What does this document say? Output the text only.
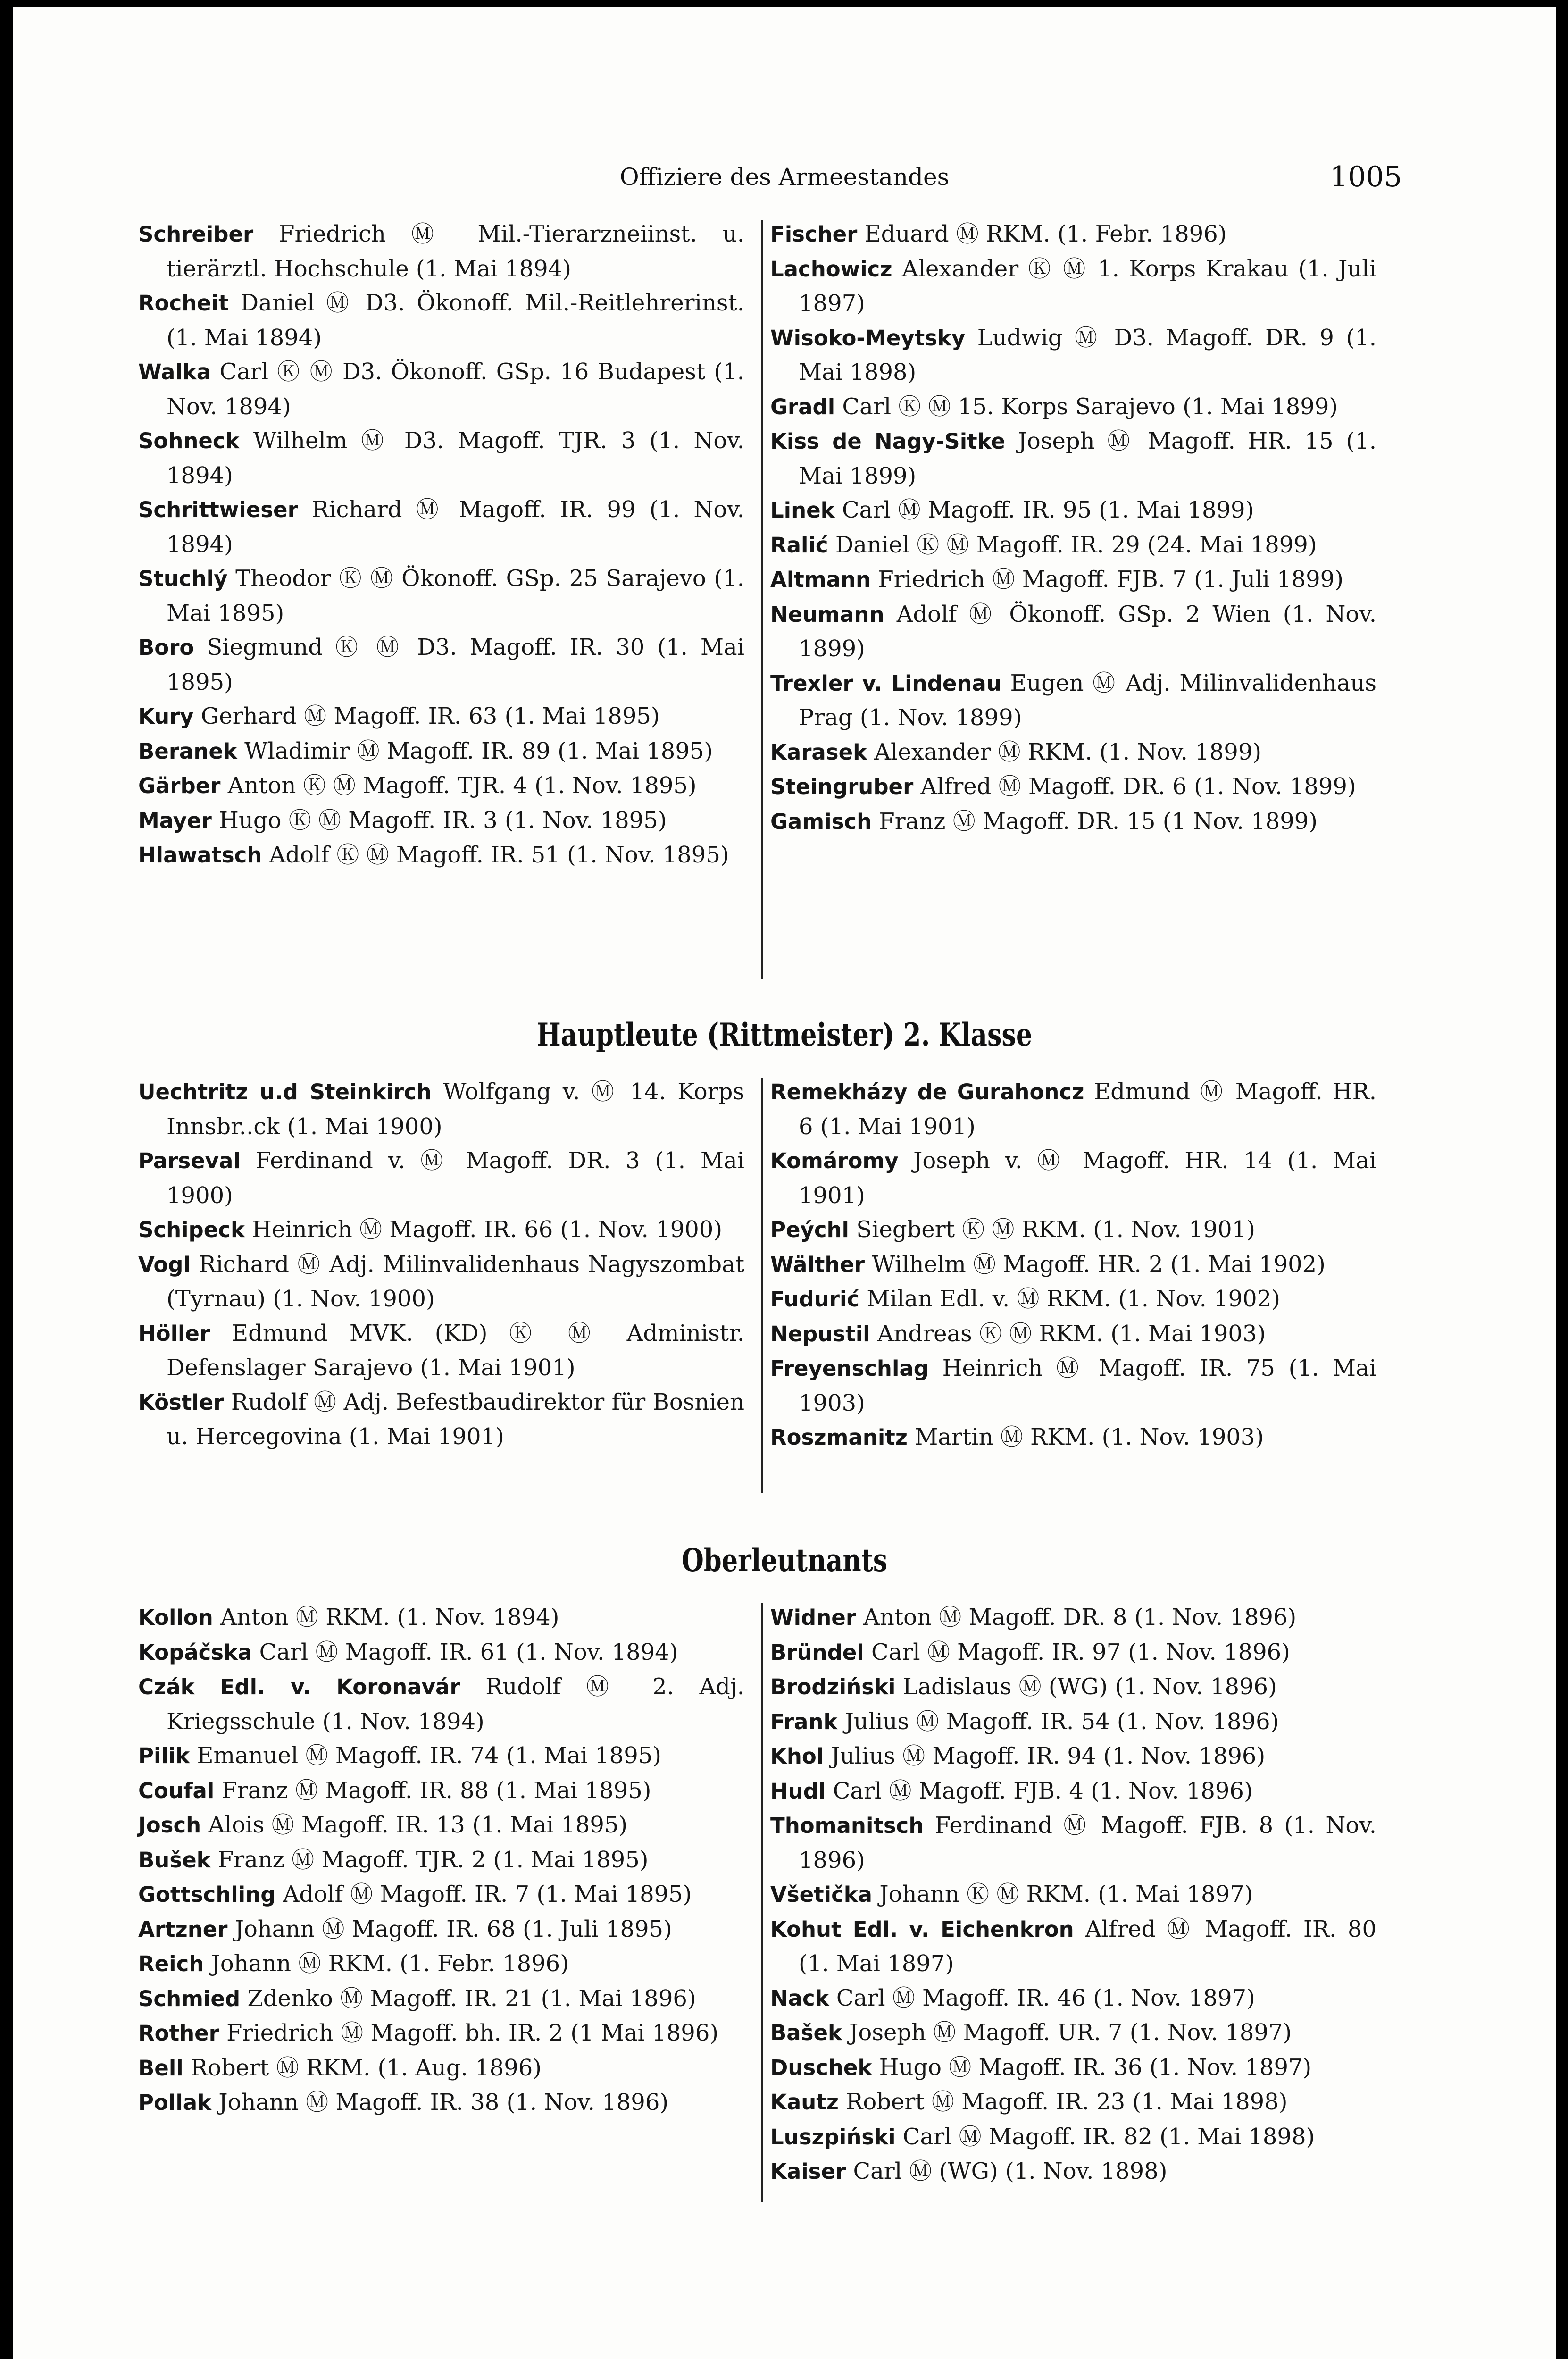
Offiziere des Armeestandes	1005
Schreiber Friedrich Ⓜ Mil.-Tierarzneiinst. u. tierärztl. Hochschule (1. Mai 1894)
Rocheit Daniel Ⓜ D3. Ökonoff. Mil.-Reitlehrerinst. (1. Mai 1894)
Walka Carl Ⓚ Ⓜ D3. Ökonoff. GSp. 16 Budapest (1. Nov. 1894)
Sohneck Wilhelm Ⓜ D3. Magoff. TJR. 3 (1. Nov. 1894)
Schrittwieser Richard Ⓜ Magoff. IR. 99 (1. Nov. 1894)
Stuchlý Theodor Ⓚ Ⓜ Ökonoff. GSp. 25 Sarajevo (1. Mai 1895)
Boro Siegmund Ⓚ Ⓜ D3. Magoff. IR. 30 (1. Mai 1895)
Kury Gerhard Ⓜ Magoff. IR. 63 (1. Mai 1895)
Beranek Wladimir Ⓜ Magoff. IR. 89 (1. Mai 1895)
Gärber Anton Ⓚ Ⓜ Magoff. TJR. 4 (1. Nov. 1895)
Mayer Hugo Ⓚ Ⓜ Magoff. IR. 3 (1. Nov. 1895)
Hlawatsch Adolf Ⓚ Ⓜ Magoff. IR. 51 (1. Nov. 1895)
Fischer Eduard Ⓜ RKM. (1. Febr. 1896)
Lachowicz Alexander Ⓚ Ⓜ 1. Korps Krakau (1. Juli 1897)
Wisoko-Meytsky Ludwig Ⓜ D3. Magoff. DR. 9 (1. Mai 1898)
Gradl Carl Ⓚ Ⓜ 15. Korps Sarajevo (1. Mai 1899)
Kiss de Nagy-Sitke Joseph Ⓜ Magoff. HR. 15 (1. Mai 1899)
Linek Carl Ⓜ Magoff. IR. 95 (1. Mai 1899)
Ralić Daniel Ⓚ Ⓜ Magoff. IR. 29 (24. Mai 1899)
Altmann Friedrich Ⓜ Magoff. FJB. 7 (1. Juli 1899)
Neumann Adolf Ⓜ Ökonoff. GSp. 2 Wien (1. Nov. 1899)
Trexler v. Lindenau Eugen Ⓜ Adj. Milinvalidenhaus Prag (1. Nov. 1899)
Karasek Alexander Ⓜ RKM. (1. Nov. 1899)
Steingruber Alfred Ⓜ Magoff. DR. 6 (1. Nov. 1899)
Gamisch Franz Ⓜ Magoff. DR. 15 (1 Nov. 1899)
Hauptleute (Rittmeister) 2. Klasse
Uechtritz u.d Steinkirch Wolfgang v. Ⓜ 14. Korps Innsbr..ck (1. Mai 1900)
Parseval Ferdinand v. Ⓜ Magoff. DR. 3 (1. Mai 1900)
Schipeck Heinrich Ⓜ Magoff. IR. 66 (1. Nov. 1900)
Vogl Richard Ⓜ Adj. Milinvalidenhaus Nagyszombat (Tyrnau) (1. Nov. 1900)
Höller Edmund MVK. (KD) Ⓚ Ⓜ Administr. Defenslager Sarajevo (1. Mai 1901)
Köstler Rudolf Ⓜ Adj. Befestbaudirektor für Bosnien u. Hercegovina (1. Mai 1901)
Remekházy de Gurahoncz Edmund Ⓜ Magoff. HR. 6 (1. Mai 1901)
Komáromy Joseph v. Ⓜ Magoff. HR. 14 (1. Mai 1901)
Peýchl Siegbert Ⓚ Ⓜ RKM. (1. Nov. 1901)
Wälther Wilhelm Ⓜ Magoff. HR. 2 (1. Mai 1902)
Fudurić Milan Edl. v. Ⓜ RKM. (1. Nov. 1902)
Nepustil Andreas Ⓚ Ⓜ RKM. (1. Mai 1903)
Freyenschlag Heinrich Ⓜ Magoff. IR. 75 (1. Mai 1903)
Roszmanitz Martin Ⓜ RKM. (1. Nov. 1903)
Oberleutnants
Kollon Anton Ⓜ RKM. (1. Nov. 1894)
Kopáčska Carl Ⓜ Magoff. IR. 61 (1. Nov. 1894)
Czák Edl. v. Koronavár Rudolf Ⓜ 2. Adj. Kriegsschule (1. Nov. 1894)
Pilik Emanuel Ⓜ Magoff. IR. 74 (1. Mai 1895)
Coufal Franz Ⓜ Magoff. IR. 88 (1. Mai 1895)
Josch Alois Ⓜ Magoff. IR. 13 (1. Mai 1895)
Bušek Franz Ⓜ Magoff. TJR. 2 (1. Mai 1895)
Gottschling Adolf Ⓜ Magoff. IR. 7 (1. Mai 1895)
Artzner Johann Ⓜ Magoff. IR. 68 (1. Juli 1895)
Reich Johann Ⓜ RKM. (1. Febr. 1896)
Schmied Zdenko Ⓜ Magoff. IR. 21 (1. Mai 1896)
Rother Friedrich Ⓜ Magoff. bh. IR. 2 (1 Mai 1896)
Bell Robert Ⓜ RKM. (1. Aug. 1896)
Pollak Johann Ⓜ Magoff. IR. 38 (1. Nov. 1896)
Widner Anton Ⓜ Magoff. DR. 8 (1. Nov. 1896)
Bründel Carl Ⓜ Magoff. IR. 97 (1. Nov. 1896)
Brodziński Ladislaus Ⓜ (WG) (1. Nov. 1896)
Frank Julius Ⓜ Magoff. IR. 54 (1. Nov. 1896)
Khol Julius Ⓜ Magoff. IR. 94 (1. Nov. 1896)
Hudl Carl Ⓜ Magoff. FJB. 4 (1. Nov. 1896)
Thomanitsch Ferdinand Ⓜ Magoff. FJB. 8 (1. Nov. 1896)
Všetička Johann Ⓚ Ⓜ RKM. (1. Mai 1897)
Kohut Edl. v. Eichenkron Alfred Ⓜ Magoff. IR. 80 (1. Mai 1897)
Nack Carl Ⓜ Magoff. IR. 46 (1. Nov. 1897)
Bašek Joseph Ⓜ Magoff. UR. 7 (1. Nov. 1897)
Duschek Hugo Ⓜ Magoff. IR. 36 (1. Nov. 1897)
Kautz Robert Ⓜ Magoff. IR. 23 (1. Mai 1898)
Luszpiński Carl Ⓜ Magoff. IR. 82 (1. Mai 1898)
Kaiser Carl Ⓜ (WG) (1. Nov. 1898)
